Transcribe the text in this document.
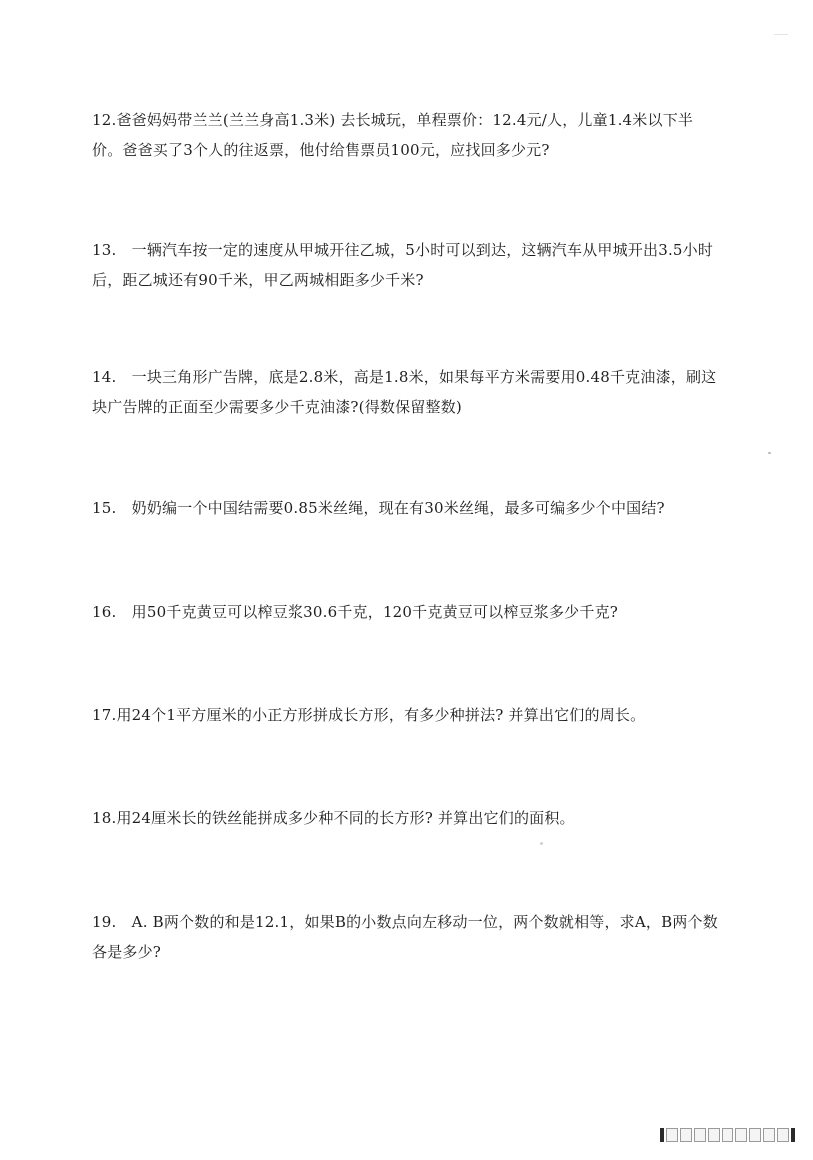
12.爸爸妈妈带兰兰(兰兰身高1.3米) 去长城玩，单程票价：12.4元/人，儿童1.4米以下半价。爸爸买了3个人的往返票，他付给售票员100元，应找回多少元?
13.　一辆汽车按一定的速度从甲城开往乙城，5小时可以到达，这辆汽车从甲城开出3.5小时后，距乙城还有90千米，甲乙两城相距多少千米?
14.　一块三角形广告牌，底是2.8米，高是1.8米，如果每平方米需要用0.48千克油漆，刷这块广告牌的正面至少需要多少千克油漆?(得数保留整数)
15.　奶奶编一个中国结需要0.85米丝绳，现在有30米丝绳，最多可编多少个中国结?
16.　用50千克黄豆可以榨豆浆30.6千克，120千克黄豆可以榨豆浆多少千克?
17.用24个1平方厘米的小正方形拼成长方形，有多少种拼法? 并算出它们的周长。
18.用24厘米长的铁丝能拼成多少种不同的长方形? 并算出它们的面积。
19.　A. B两个数的和是12.1，如果B的小数点向左移动一位，两个数就相等，求A，B两个数各是多少?
